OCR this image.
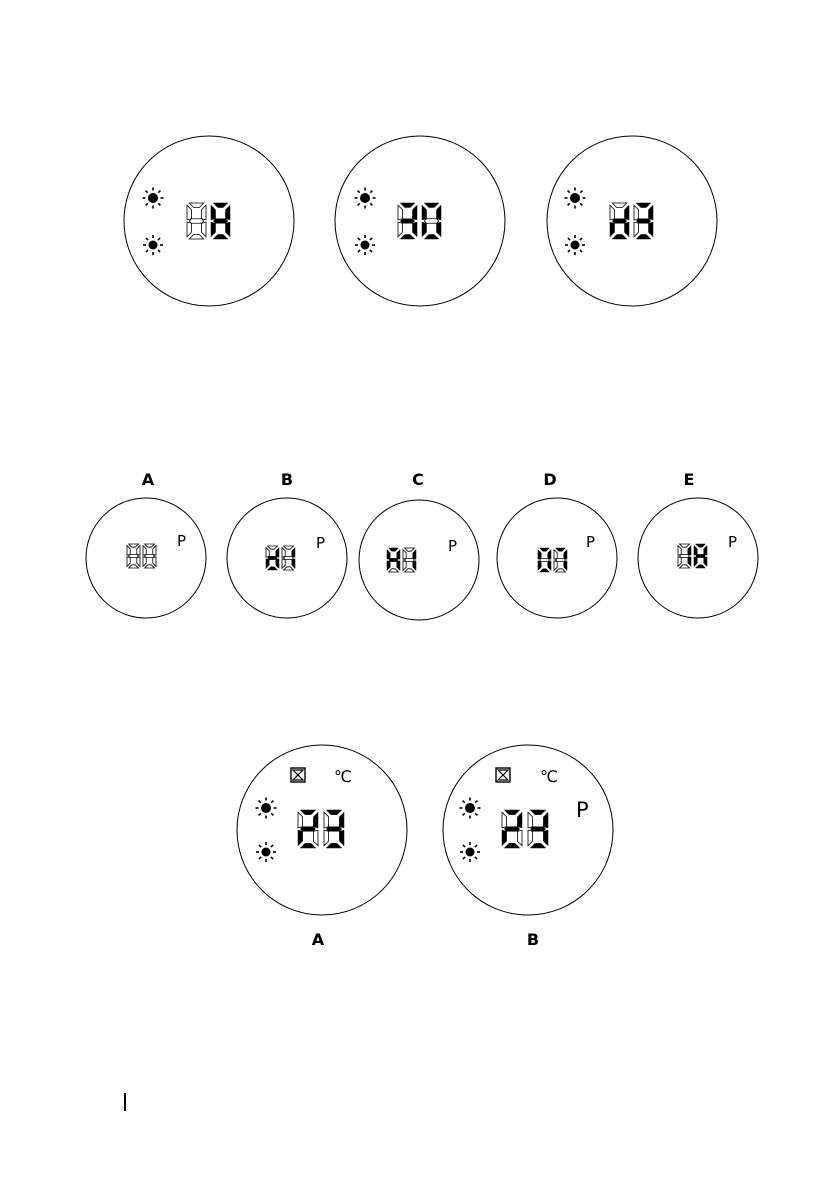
A	B	C	D	E
P	P	P	P	P
℃	℃
P
A	B
